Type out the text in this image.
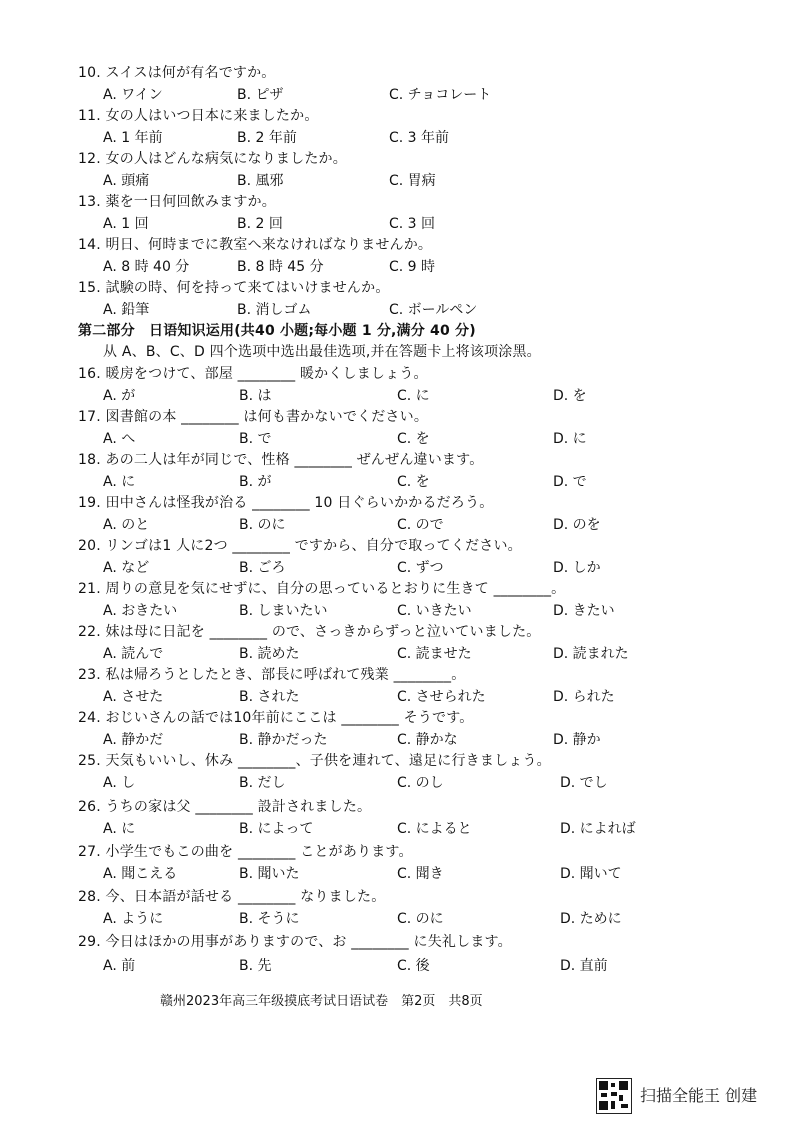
10. スイスは何が有名ですか。
A. ワイン	B. ピザ	C. チョコレート
11. 女の人はいつ日本に来ましたか。
A. 1 年前	B. 2 年前	C. 3 年前
12. 女の人はどんな病気になりましたか。
A. 頭痛	B. 風邪	C. 胃病
13. 薬を一日何回飲みますか。
A. 1 回	B. 2 回	C. 3 回
14. 明日、何時までに教室へ来なければなりませんか。
A. 8 時 40 分	B. 8 時 45 分	C. 9 時
15. 試験の時、何を持って来てはいけませんか。
A. 鉛筆	B. 消しゴム	C. ボールペン
第二部分　日语知识运用(共40 小题;每小题 1 分,满分 40 分)
从 A、B、C、D 四个选项中选出最佳选项,并在答题卡上将该项涂黑。
16. 暖房をつけて、部屋 ________ 暖かくしましょう。
A. が	B. は	C. に	D. を
17. 図書館の本 ________ は何も書かないでください。
A. へ	B. で	C. を	D. に
18. あの二人は年が同じで、性格 ________ ぜんぜん違います。
A. に	B. が	C. を	D. で
19. 田中さんは怪我が治る ________ 10 日ぐらいかかるだろう。
A. のと	B. のに	C. ので	D. のを
20. リンゴは1 人に2つ ________ ですから、自分で取ってください。
A. など	B. ごろ	C. ずつ	D. しか
21. 周りの意見を気にせずに、自分の思っているとおりに生きて ________。
A. おきたい	B. しまいたい	C. いきたい	D. きたい
22. 妹は母に日記を ________ ので、さっきからずっと泣いていました。
A. 読んで	B. 読めた	C. 読ませた	D. 読まれた
23. 私は帰ろうとしたとき、部長に呼ばれて残業 ________。
A. させた	B. された	C. させられた	D. られた
24. おじいさんの話では10年前にここは ________ そうです。
A. 静かだ	B. 静かだった	C. 静かな	D. 静か
25. 天気もいいし、休み ________、子供を連れて、遠足に行きましょう。
A. し	B. だし	C. のし	D. でし
26. うちの家は父 ________ 設計されました。
A. に	B. によって	C. によると	D. によれば
27. 小学生でもこの曲を ________ ことがあります。
A. 聞こえる	B. 聞いた	C. 聞き	D. 聞いて
28. 今、日本語が話せる ________ なりました。
A. ように	B. そうに	C. のに	D. ために
29. 今日はほかの用事がありますので、お ________ に失礼します。
A. 前	B. 先	C. 後	D. 直前
赣州2023年高三年级摸底考试日语试卷　第2页　共8页
扫描全能王 创建
